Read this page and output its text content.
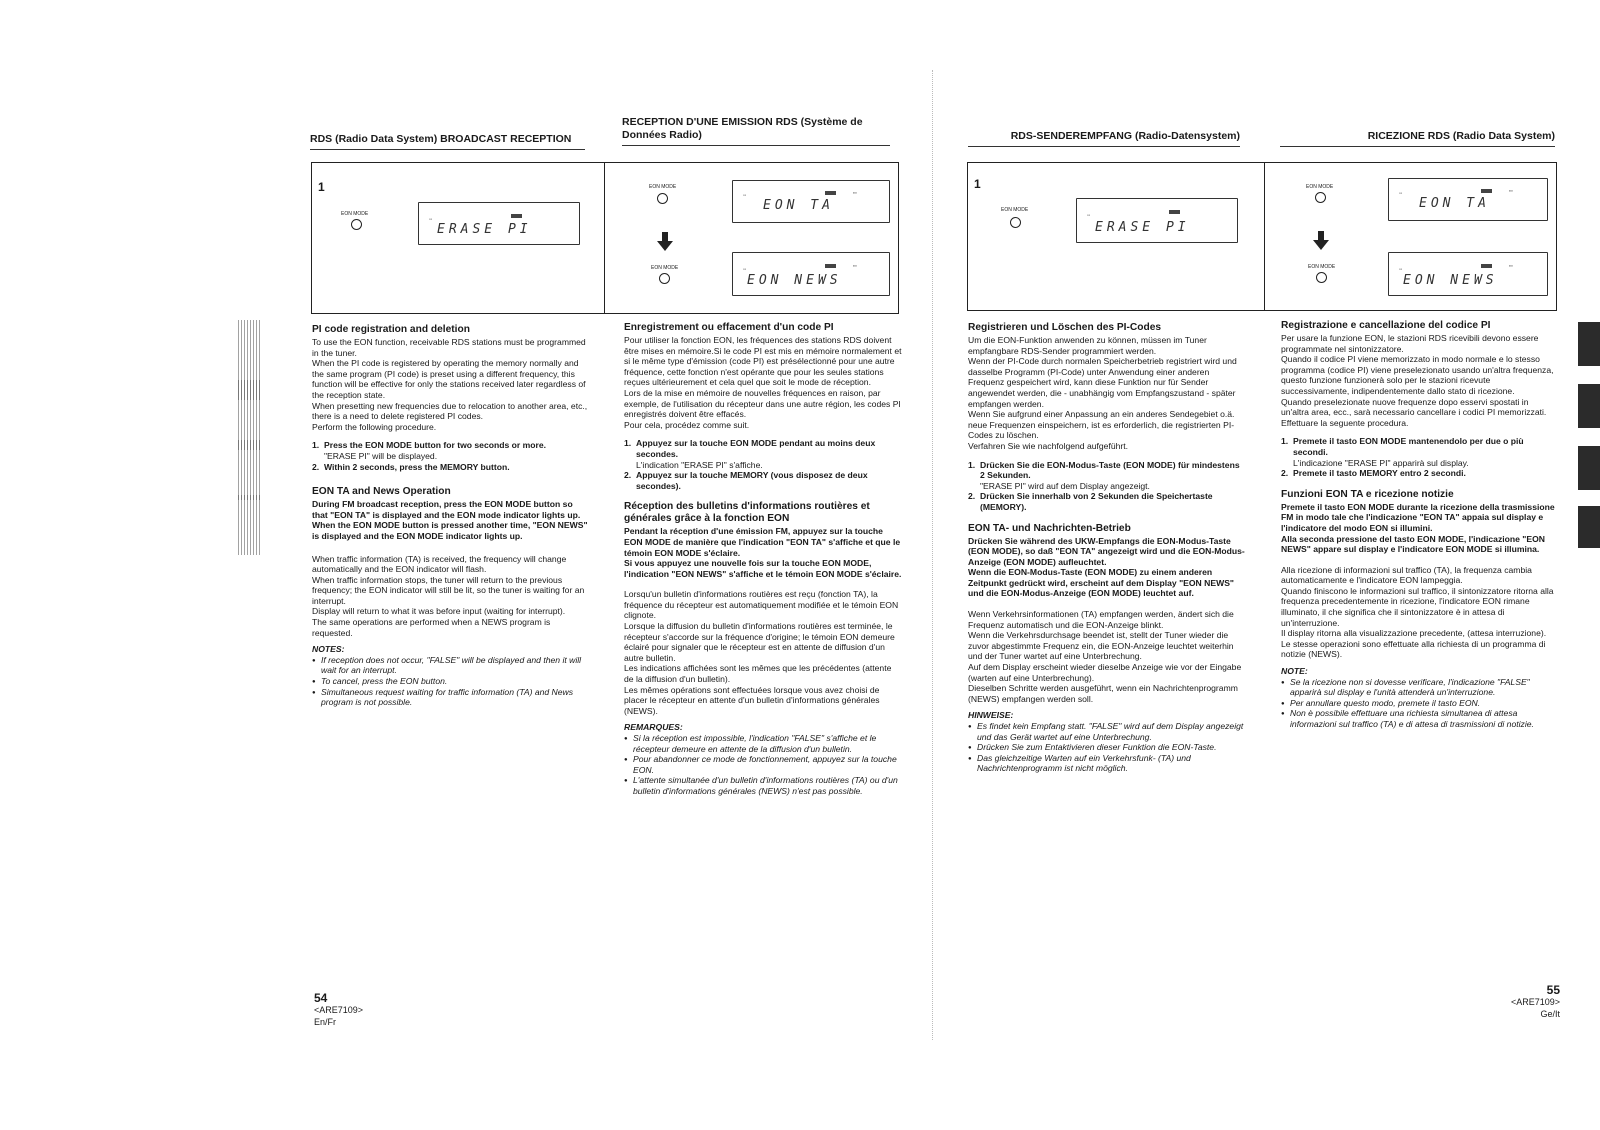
RDS (Radio Data System) BROADCAST RECEPTION
RECEPTION D'UNE EMISSION RDS (Système de Données Radio)
1
EON MODE
▭
ERASE PI
EON MODE
▭	▪▪▪
EON TA
EON MODE	▭
▪▪▪
EON NEWS
PI code registration and deletion

To use the EON function, receivable RDS stations must be programmed in the tuner.

When the PI code is registered by operating the memory normally and the same program (PI code) is preset using a different frequency, this function will be effective for only the stations received later regardless of the reception state.

When presetting new frequencies due to relocation to another area, etc., there is a need to delete registered PI codes.

Perform the following procedure.

1. Press the EON MODE button for two seconds or more.
"ERASE PI" will be displayed.
2. Within 2 seconds, press the MEMORY button.
EON TA and News Operation

During FM broadcast reception, press the EON MODE button so that "EON TA" is displayed and the EON mode indicator lights up.

When the EON MODE button is pressed another time, "EON NEWS" is displayed and the EON MODE indicator lights up.

When traffic information (TA) is received, the frequency will change automatically and the EON indicator will flash.

When traffic information stops, the tuner will return to the previous frequency; the EON indicator will still be lit, so the tuner is waiting for an interrupt.

Display will return to what it was before input (waiting for interrupt).

The same operations are performed when a NEWS program is requested.

NOTES:

● If reception does not occur, "FALSE" will be displayed and then it will wait for an interrupt.
● To cancel, press the EON button.
● Simultaneous request waiting for traffic information (TA) and News program is not possible.
Enregistrement ou effacement d'un code PI

Pour utiliser la fonction EON, les fréquences des stations RDS doivent être mises en mémoire.Si le code PI est mis en mémoire normalement et si le même type d'émission (code PI) est présélectionné pour une autre fréquence, cette fonction n'est opérante que pour les seules stations reçues ultérieurement et cela quel que soit le mode de réception.

Lors de la mise en mémoire de nouvelles fréquences en raison, par exemple, de l'utilisation du récepteur dans une autre région, les codes PI enregistrés doivent être effacés.

Pour cela, procédez comme suit.

1. Appuyez sur la touche EON MODE pendant au moins deux secondes.
L'indication "ERASE PI" s'affiche.
2. Appuyez sur la touche MEMORY (vous disposez de deux secondes).
Réception des bulletins d'informations routières et générales grâce à la fonction EON

Pendant la réception d'une émission FM, appuyez sur la touche EON MODE de manière que l'indication "EON TA" s'affiche et que le témoin EON MODE s'éclaire.

Si vous appuyez une nouvelle fois sur la touche EON MODE, l'indication "EON NEWS" s'affiche et le témoin EON MODE s'éclaire.

Lorsqu'un bulletin d'informations routières est reçu (fonction TA), la fréquence du récepteur est automatiquement modifiée et le témoin EON clignote.

Lorsque la diffusion du bulletin d'informations routières est terminée, le récepteur s'accorde sur la fréquence d'origine; le témoin EON demeure éclairé pour signaler que le récepteur est en attente de diffusion d'un autre bulletin.

Les indications affichées sont les mêmes que les précédentes (attente de la diffusion d'un bulletin).

Les mêmes opérations sont effectuées lorsque vous avez choisi de placer le récepteur en attente d'un bulletin d'informations générales (NEWS).

REMARQUES:

● Si la réception est impossible, l'indication "FALSE" s'affiche et le récepteur demeure en attente de la diffusion d'un bulletin.
● Pour abandonner ce mode de fonctionnement, appuyez sur la touche EON.
● L'attente simultanée d'un bulletin d'informations routières (TA) ou d'un bulletin d'informations générales (NEWS) n'est pas possible.
54
<ARE7109>
En/Fr
RDS-SENDEREMPFANG (Radio-Datensystem)	RICEZIONE RDS (Radio Data System)
1
EON MODE
▭
ERASE PI
EON MODE
▭	▪▪▪
EON TA
EON MODE	▭
▪▪▪
EON NEWS
Registrieren und Löschen des PI-Codes

Um die EON-Funktion anwenden zu können, müssen im Tuner empfangbare RDS-Sender programmiert werden.

Wenn der PI-Code durch normalen Speicherbetrieb registriert wird und dasselbe Programm (PI-Code) unter Anwendung einer anderen Frequenz gespeichert wird, kann diese Funktion nur für Sender angewendet werden, die - unabhängig vom Empfangszustand - später empfangen werden.

Wenn Sie aufgrund einer Anpassung an ein anderes Sendegebiet o.ä. neue Frequenzen einspeichern, ist es erforderlich, die registrierten PI-Codes zu löschen.

Verfahren Sie wie nachfolgend aufgeführt.

1. Drücken Sie die EON-Modus-Taste (EON MODE) für mindestens 2 Sekunden.
"ERASE PI" wird auf dem Display angezeigt.
2. Drücken Sie innerhalb von 2 Sekunden die Speichertaste (MEMORY).
EON TA- und Nachrichten-Betrieb

Drücken Sie während des UKW-Empfangs die EON-Modus-Taste (EON MODE), so daß "EON TA" angezeigt wird und die EON-Modus-Anzeige (EON MODE) aufleuchtet.

Wenn die EON-Modus-Taste (EON MODE) zu einem anderen Zeitpunkt gedrückt wird, erscheint auf dem Display "EON NEWS" und die EON-Modus-Anzeige (EON MODE) leuchtet auf.

Wenn Verkehrsinformationen (TA) empfangen werden, ändert sich die Frequenz automatisch und die EON-Anzeige blinkt.

Wenn die Verkehrsdurchsage beendet ist, stellt der Tuner wieder die zuvor abgestimmte Frequenz ein, die EON-Anzeige leuchtet weiterhin und der Tuner wartet auf eine Unterbrechung.

Auf dem Display erscheint wieder dieselbe Anzeige wie vor der Eingabe (warten auf eine Unterbrechung).

Dieselben Schritte werden ausgeführt, wenn ein Nachrichtenprogramm (NEWS) empfangen werden soll.

HINWEISE:

● Es findet kein Empfang statt. "FALSE" wird auf dem Display angezeigt und das Gerät wartet auf eine Unterbrechung.
● Drücken Sie zum Entaktivieren dieser Funktion die EON-Taste.
● Das gleichzeitige Warten auf ein Verkehrsfunk- (TA) und Nachrichtenprogramm ist nicht möglich.
Registrazione e cancellazione del codice PI

Per usare la funzione EON, le stazioni RDS ricevibili devono essere programmate nel sintonizzatore.

Quando il codice PI viene memorizzato in modo normale e lo stesso programma (codice PI) viene preselezionato usando un'altra frequenza, questo funzione funzionerà solo per le stazioni ricevute successivamente, indipendentemente dallo stato di ricezione.

Quando preselezionate nuove frequenze dopo esservi spostati in un'altra area, ecc., sarà necessario cancellare i codici PI memorizzati.

Effettuare la seguente procedura.

1. Premete il tasto EON MODE mantenendolo per due o più secondi.
L'indicazione "ERASE PI" apparirà sul display.
2. Premete il tasto MEMORY entro 2 secondi.
Funzioni EON TA e ricezione notizie

Premete il tasto EON MODE durante la ricezione della trasmissione FM in modo tale che l'indicazione "EON TA" appaia sul display e l'indicatore del modo EON si illumini.

Alla seconda pressione del tasto EON MODE, l'indicazione "EON NEWS" appare sul display e l'indicatore EON MODE si illumina.

Alla ricezione di informazioni sul traffico (TA), la frequenza cambia automaticamente e l'indicatore EON lampeggia.

Quando finiscono le informazioni sul traffico, il sintonizzatore ritorna alla frequenza precedentemente in ricezione, l'indicatore EON rimane illuminato, il che significa che il sintonizzatore è in attesa di un'interruzione.

Il display ritorna alla visualizzazione precedente, (attesa interruzione).

Le stesse operazioni sono effettuate alla richiesta di un programma di notizie (NEWS).

NOTE:

● Se la ricezione non si dovesse verificare, l'indicazione "FALSE" apparirà sul display e l'unità attenderà un'interruzione.
● Per annullare questo modo, premete il tasto EON.
● Non è possibile effettuare una richiesta simultanea di attesa informazioni sul traffico (TA) e di attesa di trasmissioni di notizie.
55
<ARE7109>
Ge/It
